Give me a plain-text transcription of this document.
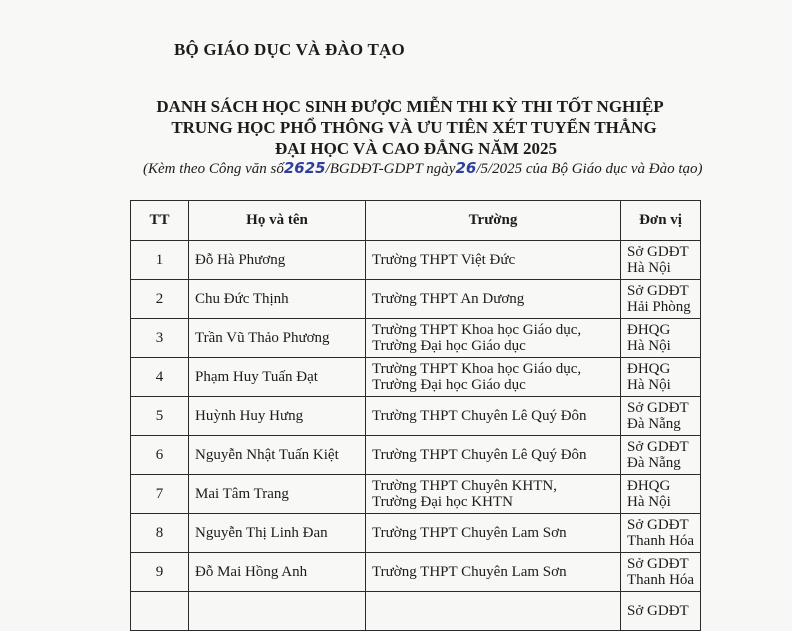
BỘ GIÁO DỤC VÀ ĐÀO TẠO
DANH SÁCH HỌC SINH ĐƯỢC MIỄN THI KỲ THI TỐT NGHIỆP
TRUNG HỌC PHỔ THÔNG VÀ ƯU TIÊN XÉT TUYỂN THẲNG
ĐẠI HỌC VÀ CAO ĐẲNG NĂM 2025
(Kèm theo Công văn số2625/BGDĐT-GDPT ngày26/5/2025 của Bộ Giáo dục và Đào tạo)
TT	Họ và tên	Trường	Đơn vị
1	Đỗ Hà Phương	Trường THPT Việt Đức	Sở GDĐT
Hà Nội

2	Chu Đức Thịnh	Trường THPT An Dương	Sở GDĐT
Hải Phòng

3	Trần Vũ Thảo Phương	Trường THPT Khoa học Giáo dục,
Trường Đại học Giáo dục	ĐHQG
Hà Nội

4	Phạm Huy Tuấn Đạt	Trường THPT Khoa học Giáo dục,
Trường Đại học Giáo dục	ĐHQG
Hà Nội

5	Huỳnh Huy Hưng	Trường THPT Chuyên Lê Quý Đôn	Sở GDĐT
Đà Nẵng

6	Nguyễn Nhật Tuấn Kiệt	Trường THPT Chuyên Lê Quý Đôn	Sở GDĐT
Đà Nẵng

7	Mai Tâm Trang	Trường THPT Chuyên KHTN,
Trường Đại học KHTN	ĐHQG
Hà Nội

8	Nguyễn Thị Linh Đan	Trường THPT Chuyên Lam Sơn	Sở GDĐT
Thanh Hóa

9	Đỗ Mai Hồng Anh	Trường THPT Chuyên Lam Sơn	Sở GDĐT
Thanh Hóa

			Sở GDĐT
